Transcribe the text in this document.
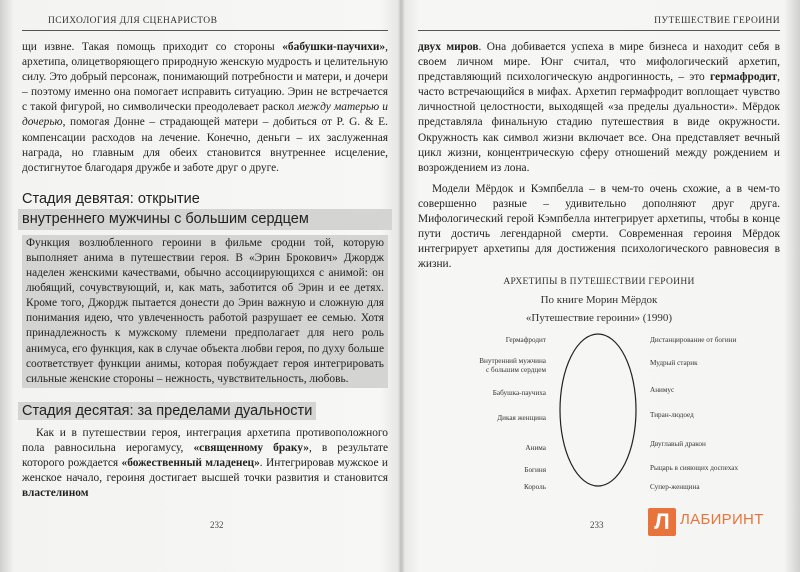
ПСИХОЛОГИЯ ДЛЯ СЦЕНАРИСТОВ

щи извне. Такая помощь приходит со стороны «бабушки-паучихи», архетипа, олицетворяющего природную женскую мудрость и целительную силу. Это добрый персонаж, понимающий потребности и матери, и дочери – поэтому именно она помогает исправить ситуацию. Эрин не встречается с такой фигурой, но символически преодолевает раскол между матерью и дочерью, помогая Донне – страдающей матери – добиться от P. G. & E. компенсации расходов на лечение. Конечно, деньги – их заслуженная награда, но главным для обеих становится внутреннее исцеление, достигнутое благодаря дружбе и заботе друг о друге.

Стадия девятая: открытие
внутреннего мужчины с большим сердцем

Функция возлюбленного героини в фильме сродни той, которую выполняет анима в путешествии героя. В «Эрин Брокович» Джордж наделен женскими качествами, обычно ассоциирующихся с анимой: он любящий, сочувствующий, и, как мать, заботится об Эрин и ее детях. Кроме того, Джордж пытается донести до Эрин важную и сложную для понимания идею, что увлеченность работой разрушает ее семью. Хотя принадлежность к мужскому племени предполагает для него роль анимуса, его функция, как в случае объекта любви героя, по духу больше соответствует функции анимы, которая побуждает героя интегрировать сильные женские стороны – нежность, чувствительность, любовь.

Стадия десятая: за пределами дуальности

Как и в путешествии героя, интеграция архетипа противоположного пола равносильна иерогамусу, «священному браку», в результате которого рождается «божественный младенец». Интегрировав мужское и женское начало, героиня достигает высшей точки развития и становится властелином

232
ПУТЕШЕСТВИЕ ГЕРОИНИ

двух миров. Она добивается успеха в мире бизнеса и находит себя в своем личном мире. Юнг считал, что мифологический архетип, представляющий психологическую андрогинность, – это гермафродит, часто встречающийся в мифах. Архетип гермафродит воплощает чувство личностной целостности, выходящей «за пределы дуальности». Мёрдок представляла финальную стадию путешествия в виде окружности. Окружность как символ жизни включает все. Она представляет вечный цикл жизни, концентрическую сферу отношений между рождением и возрождением из лона.

Модели Мёрдок и Кэмпбелла – в чем-то очень схожие, а в чем-то совершенно разные – удивительно дополняют друг друга. Мифологический герой Кэмпбелла интегрирует архетипы, чтобы в конце пути достичь легендарной смерти. Современная героиня Мёрдок интегрирует архетипы для достижения психологического равновесия в жизни.

АРХЕТИПЫ В ПУТЕШЕСТВИИ ГЕРОИНИ
По книге Морин Мёрдок
«Путешествие героини» (1990)
Гермафродит
Внутренний мужчина
с большим сердцем
Бабушка-паучиха
Дикая женщина
Анима
Богиня
Король
Дистанцирование от богини
Мудрый старик
Анимус
Тиран-людоед
Двуглавый дракон
Рыцарь в сияющих доспехах
Супер-женщина
233 Л ЛАБИРИНТ
